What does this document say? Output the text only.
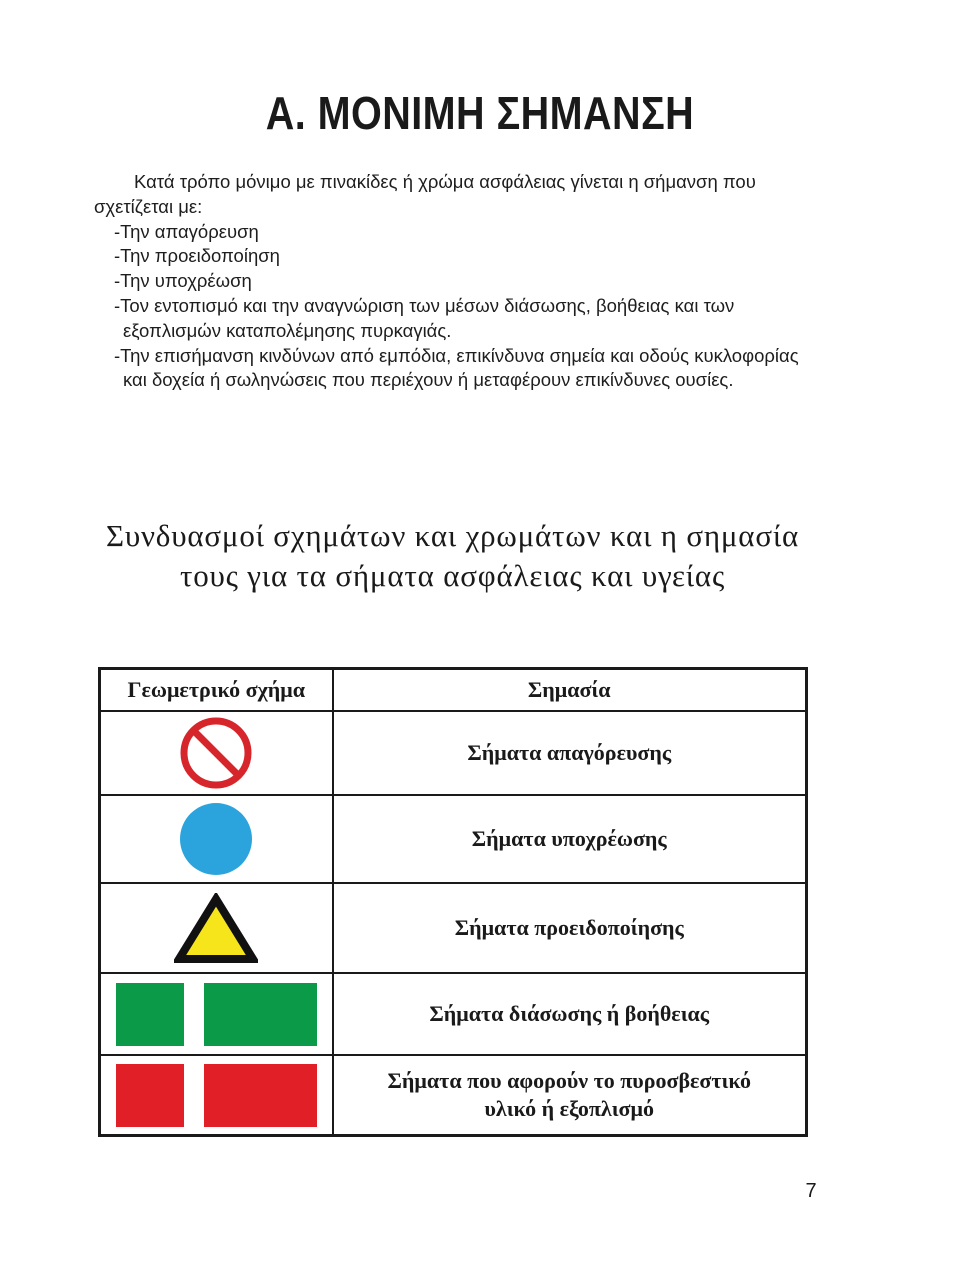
A. ΜΟΝΙΜΗ ΣΗΜΑΝΣΗ

Κατά τρόπο μόνιμο με πινακίδες ή χρώμα ασφάλειας γίνεται η σήμανση που σχετίζεται με:

-Την απαγόρευση
-Την προειδοποίηση
-Την υποχρέωση
-Τον εντοπισμό και την αναγνώριση των μέσων διάσωσης, βοήθειας και των εξοπλισμών καταπολέμησης πυρκαγιάς.
-Την επισήμανση κινδύνων από εμπόδια, επικίνδυνα σημεία και οδούς κυκλοφορίας και δοχεία ή σωληνώσεις που περιέχουν ή μεταφέρουν επικίνδυνες ουσίες.
Συνδυασμοί σχημάτων και χρωμάτων και η σημασία τους για τα σήματα ασφάλειας και υγείας
Γεωμετρικό σχήμα	Σημασία

	Σήματα απαγόρευσης

	Σήματα υποχρέωσης

	Σήματα προειδοποίησης

	Σήματα διάσωσης ή βοήθειας

	Σήματα που αφορούν το πυροσβεστικό υλικό ή εξοπλισμό
7
